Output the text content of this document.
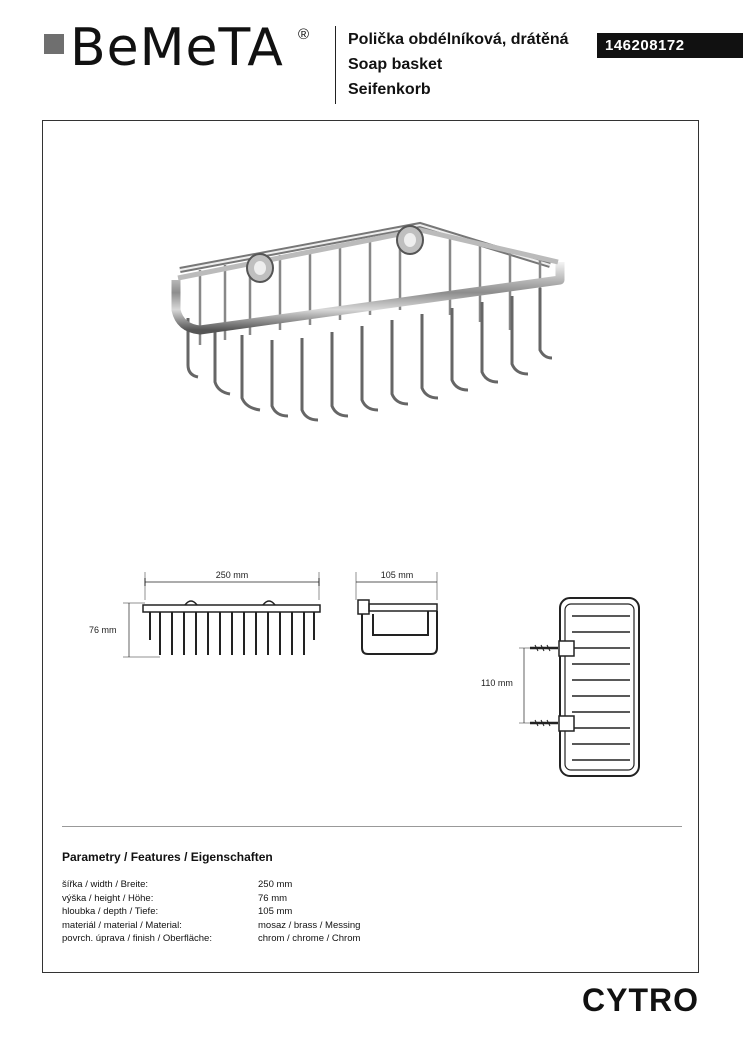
BeMeTA ® Polička obdélníková, drátěná
Soap basket
Seifenkorb
146208172
250 mm
76 mm
105 mm
110 mm
Parametry / Features / Eigenschaften
šířka / width / Breite:	250 mm
výška / height / Höhe:	76 mm
hloubka / depth / Tiefe:	105 mm
materiál / material / Material:	mosaz / brass / Messing
povrch. úprava / finish / Oberfläche:	chrom / chrome / Chrom
CYTRO
